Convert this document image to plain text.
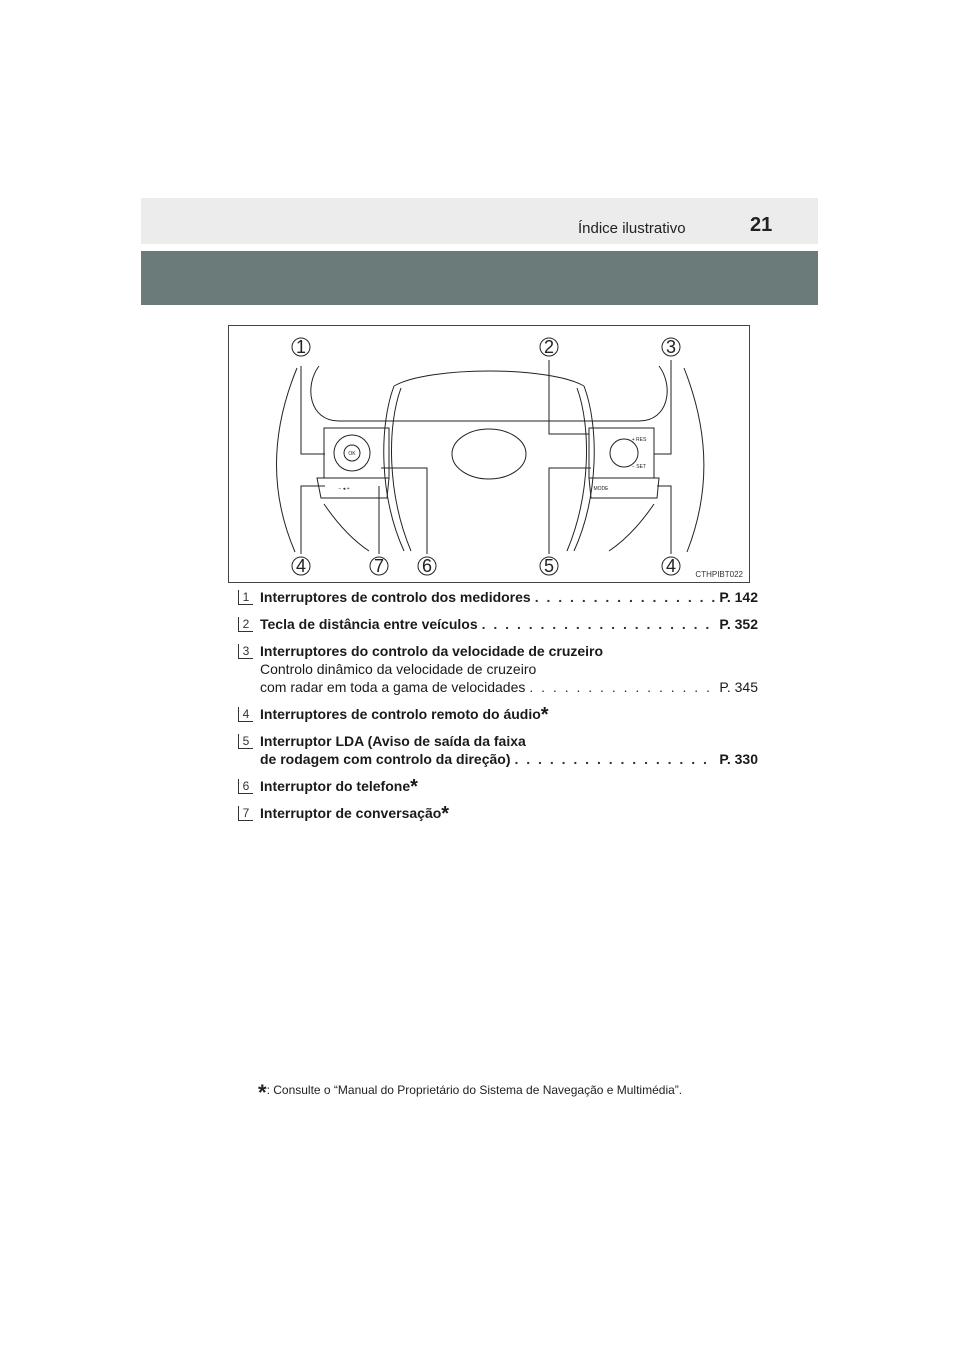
Índice ilustrativo	21
1	2	3
4	7 6	5	4
OK
+ RES
− SET
MODE
− ◂ +
CTHPIBT022
1 Interruptores de controlo dos medidores . . .	P. 142
2 Tecla de distância entre veículos . . .	P. 352
3 Interruptores do controlo da velocidade de cruzeiro
Controlo dinâmico da velocidade de cruzeiro
com radar em toda a gama de velocidades . . .	P. 345
4 Interruptores de controlo remoto do áudio*
5 Interruptor LDA (Aviso de saída da faixa
de rodagem com controlo da direção) . . .	P. 330
6 Interruptor do telefone*
7 Interruptor de conversação*
*: Consulte o “Manual do Proprietário do Sistema de Navegação e Multimédia”.
